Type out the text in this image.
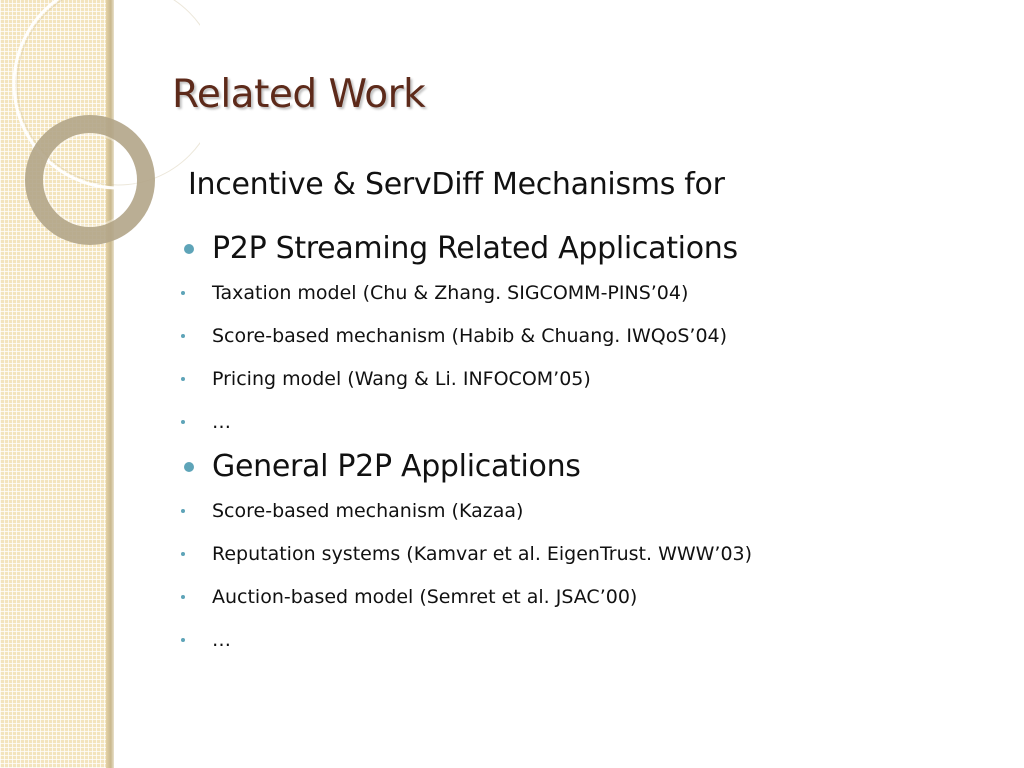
Related Work
Incentive & ServDiff Mechanisms for
P2P Streaming Related Applications
Taxation model (Chu & Zhang. SIGCOMM-PINS’04)
Score-based mechanism (Habib & Chuang. IWQoS’04)
Pricing model (Wang & Li. INFOCOM’05)
…
General P2P Applications
Score-based mechanism (Kazaa)
Reputation systems (Kamvar et al. EigenTrust. WWW’03)
Auction-based model (Semret et al. JSAC’00)
…
